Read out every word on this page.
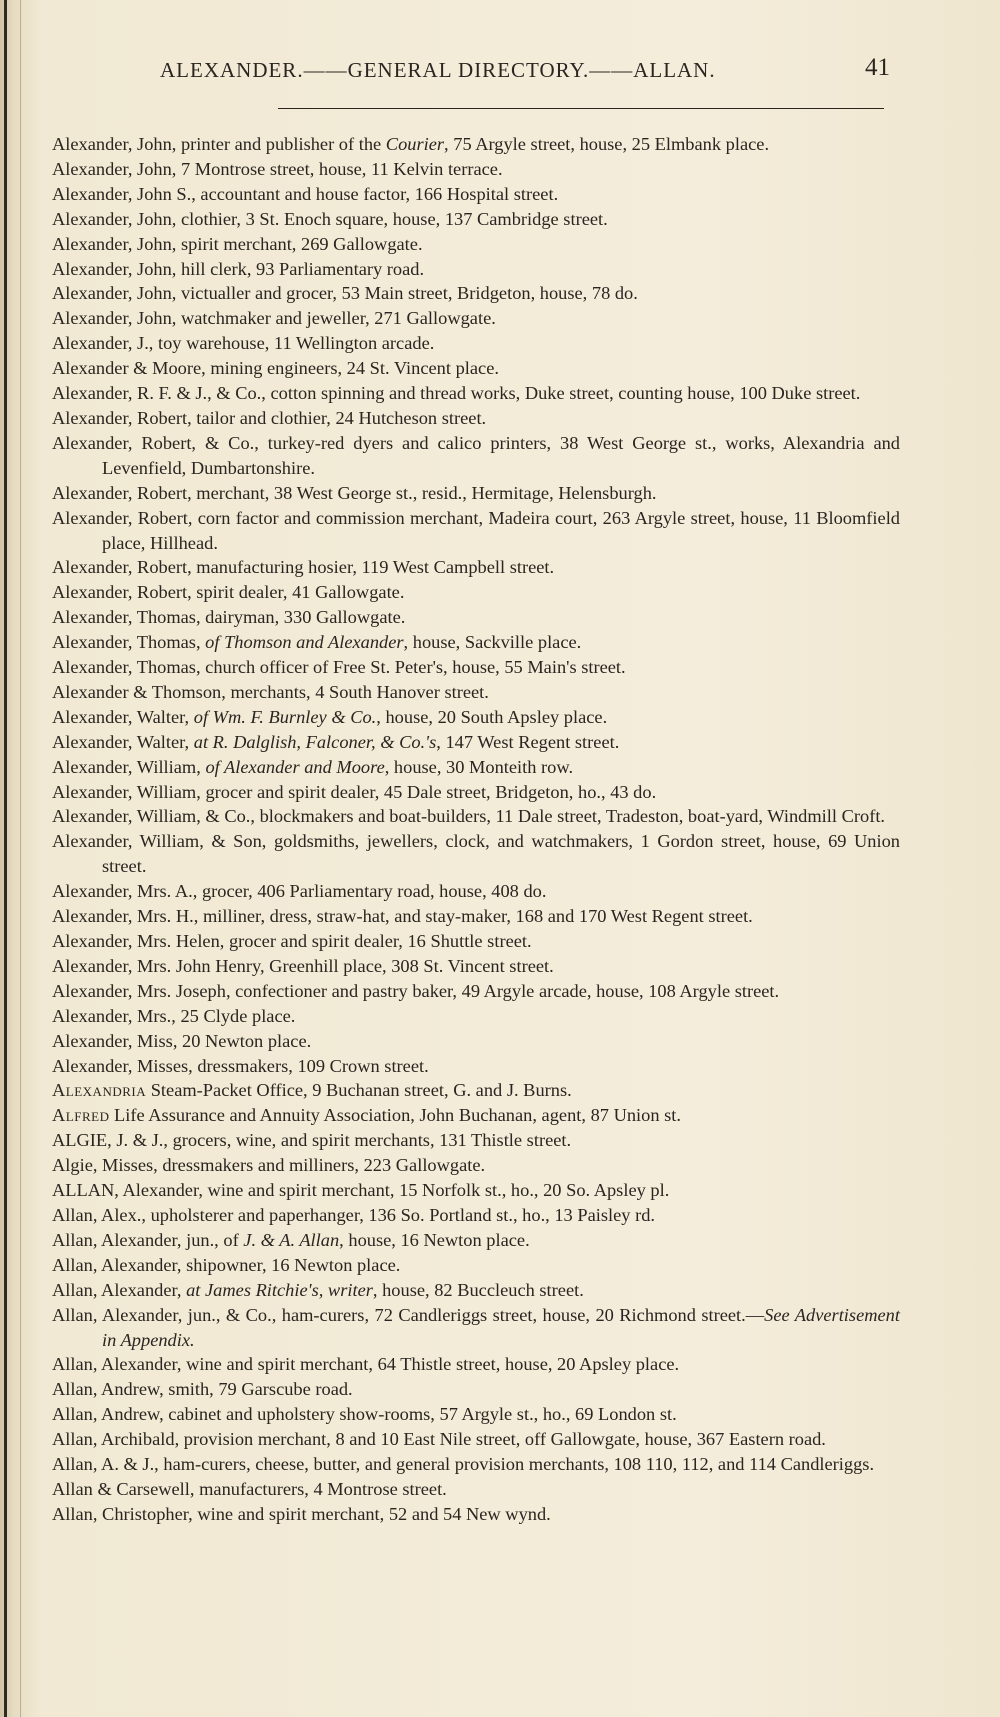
ALEXANDER.——GENERAL DIRECTORY.——ALLAN.	41
Alexander, John, printer and publisher of the Courier, 75 Argyle street, house, 25 Elmbank place.
Alexander, John, 7 Montrose street, house, 11 Kelvin terrace.
Alexander, John S., accountant and house factor, 166 Hospital street.
Alexander, John, clothier, 3 St. Enoch square, house, 137 Cambridge street.
Alexander, John, spirit merchant, 269 Gallowgate.
Alexander, John, hill clerk, 93 Parliamentary road.
Alexander, John, victualler and grocer, 53 Main street, Bridgeton, house, 78 do.
Alexander, John, watchmaker and jeweller, 271 Gallowgate.
Alexander, J., toy warehouse, 11 Wellington arcade.
Alexander & Moore, mining engineers, 24 St. Vincent place.
Alexander, R. F. & J., & Co., cotton spinning and thread works, Duke street, counting house, 100 Duke street.
Alexander, Robert, tailor and clothier, 24 Hutcheson street.
Alexander, Robert, & Co., turkey-red dyers and calico printers, 38 West George st., works, Alexandria and Levenfield, Dumbartonshire.
Alexander, Robert, merchant, 38 West George st., resid., Hermitage, Helensburgh.
Alexander, Robert, corn factor and commission merchant, Madeira court, 263 Argyle street, house, 11 Bloomfield place, Hillhead.
Alexander, Robert, manufacturing hosier, 119 West Campbell street.
Alexander, Robert, spirit dealer, 41 Gallowgate.
Alexander, Thomas, dairyman, 330 Gallowgate.
Alexander, Thomas, of Thomson and Alexander, house, Sackville place.
Alexander, Thomas, church officer of Free St. Peter's, house, 55 Main's street.
Alexander & Thomson, merchants, 4 South Hanover street.
Alexander, Walter, of Wm. F. Burnley & Co., house, 20 South Apsley place.
Alexander, Walter, at R. Dalglish, Falconer, & Co.'s, 147 West Regent street.
Alexander, William, of Alexander and Moore, house, 30 Monteith row.
Alexander, William, grocer and spirit dealer, 45 Dale street, Bridgeton, ho., 43 do.
Alexander, William, & Co., blockmakers and boat-builders, 11 Dale street, Tradeston, boat-yard, Windmill Croft.
Alexander, William, & Son, goldsmiths, jewellers, clock, and watchmakers, 1 Gordon street, house, 69 Union street.
Alexander, Mrs. A., grocer, 406 Parliamentary road, house, 408 do.
Alexander, Mrs. H., milliner, dress, straw-hat, and stay-maker, 168 and 170 West Regent street.
Alexander, Mrs. Helen, grocer and spirit dealer, 16 Shuttle street.
Alexander, Mrs. John Henry, Greenhill place, 308 St. Vincent street.
Alexander, Mrs. Joseph, confectioner and pastry baker, 49 Argyle arcade, house, 108 Argyle street.
Alexander, Mrs., 25 Clyde place.
Alexander, Miss, 20 Newton place.
Alexander, Misses, dressmakers, 109 Crown street.
Alexandria Steam-Packet Office, 9 Buchanan street, G. and J. Burns.
Alfred Life Assurance and Annuity Association, John Buchanan, agent, 87 Union st.
ALGIE, J. & J., grocers, wine, and spirit merchants, 131 Thistle street.
Algie, Misses, dressmakers and milliners, 223 Gallowgate.
ALLAN, Alexander, wine and spirit merchant, 15 Norfolk st., ho., 20 So. Apsley pl.
Allan, Alex., upholsterer and paperhanger, 136 So. Portland st., ho., 13 Paisley rd.
Allan, Alexander, jun., of J. & A. Allan, house, 16 Newton place.
Allan, Alexander, shipowner, 16 Newton place.
Allan, Alexander, at James Ritchie's, writer, house, 82 Buccleuch street.
Allan, Alexander, jun., & Co., ham-curers, 72 Candleriggs street, house, 20 Richmond street.—See Advertisement in Appendix.
Allan, Alexander, wine and spirit merchant, 64 Thistle street, house, 20 Apsley place.
Allan, Andrew, smith, 79 Garscube road.
Allan, Andrew, cabinet and upholstery show-rooms, 57 Argyle st., ho., 69 London st.
Allan, Archibald, provision merchant, 8 and 10 East Nile street, off Gallowgate, house, 367 Eastern road.
Allan, A. & J., ham-curers, cheese, butter, and general provision merchants, 108 110, 112, and 114 Candleriggs.
Allan & Carsewell, manufacturers, 4 Montrose street.
Allan, Christopher, wine and spirit merchant, 52 and 54 New wynd.
